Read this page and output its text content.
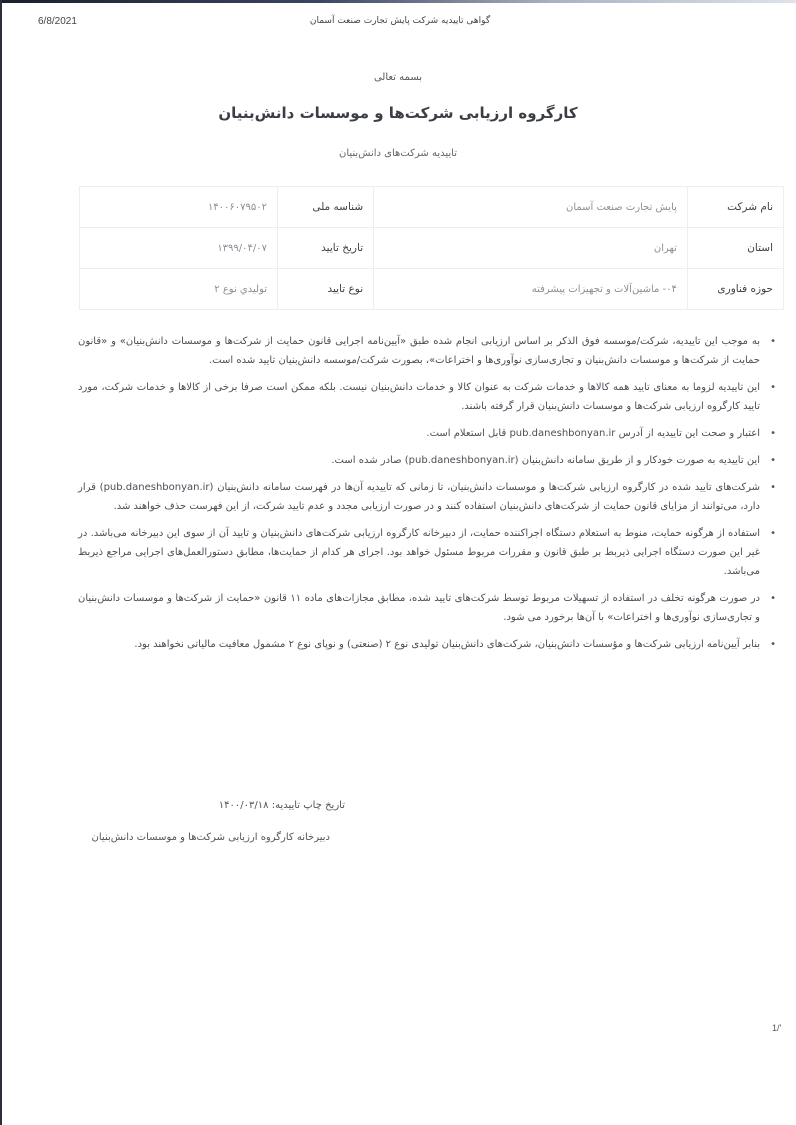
6/8/2021	گواهی تاییدیه شرکت پایش تجارت صنعت آسمان
بسمه تعالی
کارگروه ارزیابی شرکت‌ها و موسسات دانش‌بنیان
تاییدیه شرکت‌های دانش‌بنیان
نام شرکت	پایش تجارت صنعت آسمان	شناسه ملی	۱۴۰۰۶۰۷۹۵۰۲
استان	تهران	تاریخ تایید	۱۳۹۹/۰۴/۰۷
حوزه فناوری	۰۴- ماشین‌آلات و تجهیزات پیشرفته	نوع تایید	توليدي نوع ۲
•
به موجب این تاییدیه، شرکت/موسسه فوق الذکر بر اساس ارزیابی انجام شده طبق «آیین‌نامه اجرایی قانون حمایت از شرکت‌ها و موسسات دانش‌بنیان» و «قانون حمایت از شرکت‌ها و موسسات دانش‌بنیان و تجاری‌سازی نوآوری‌ها و اختراعات»، بصورت شرکت/موسسه دانش‌بنیان تایید شده است.
•
این تاییدیه لزوما به معنای تایید همه کالاها و خدمات شرکت به عنوان کالا و خدمات دانش‌بنیان نیست. بلکه ممکن است صرفا برخی از کالاها و خدمات شرکت، مورد تایید کارگروه ارزیابی شرکت‌ها و موسسات دانش‌بنیان قرار گرفته باشند.
•
اعتبار و صحت این تاییدیه از آدرس pub.daneshbonyan.ir قابل استعلام است.
•
این تاییدیه به صورت خودکار و از طریق سامانه دانش‌بنیان (pub.daneshbonyan.ir) صادر شده است.
•
شرکت‌های تایید شده در کارگروه ارزیابی شرکت‌ها و موسسات دانش‌بنیان، تا زمانی که تاییدیه آن‌ها در فهرست سامانه دانش‌بنیان (pub.daneshbonyan.ir) قرار دارد، می‌توانند از مزایای قانون حمایت از شرکت‌های دانش‌بنیان استفاده کنند و در صورت ارزیابی مجدد و عدم تایید شرکت، از این فهرست حذف خواهند شد.
•
استفاده از هرگونه حمایت، منوط به استعلام دستگاه اجراکننده حمایت، از دبیرخانه کارگروه ارزیابی شرکت‌های دانش‌بنیان و تایید آن از سوی این دبیرخانه می‌باشد. در غیر این صورت دستگاه اجرایی ذیربط بر طبق قانون و مقررات مربوط مسئول خواهد بود. اجرای هر کدام از حمایت‌ها، مطابق دستورالعمل‌های اجرایی مراجع ذیربط می‌باشد.
•
در صورت هرگونه تخلف در استفاده از تسهیلات مربوط توسط شرکت‌های تایید شده، مطابق مجازات‌های ماده ۱۱ قانون «حمایت از شرکت‌ها و موسسات دانش‌بنیان و تجاری‌سازی نوآوری‌ها و اختراعات» با آن‌ها برخورد می شود.
•
بنابر آیین‌نامه ارزیابی شرکت‌ها و مؤسسات دانش‌بنیان، شرکت‌های دانش‌بنیان تولیدی نوع ۲ (صنعتی) و نوپای نوع ۲ مشمول معافیت مالیاتی نخواهند بود.
تاریخ چاپ تاییدیه: ۱۴۰۰/۰۳/۱۸
دبیرخانه کارگروه ارزیابی شرکت‌ها و موسسات دانش‌بنیان
1/'
